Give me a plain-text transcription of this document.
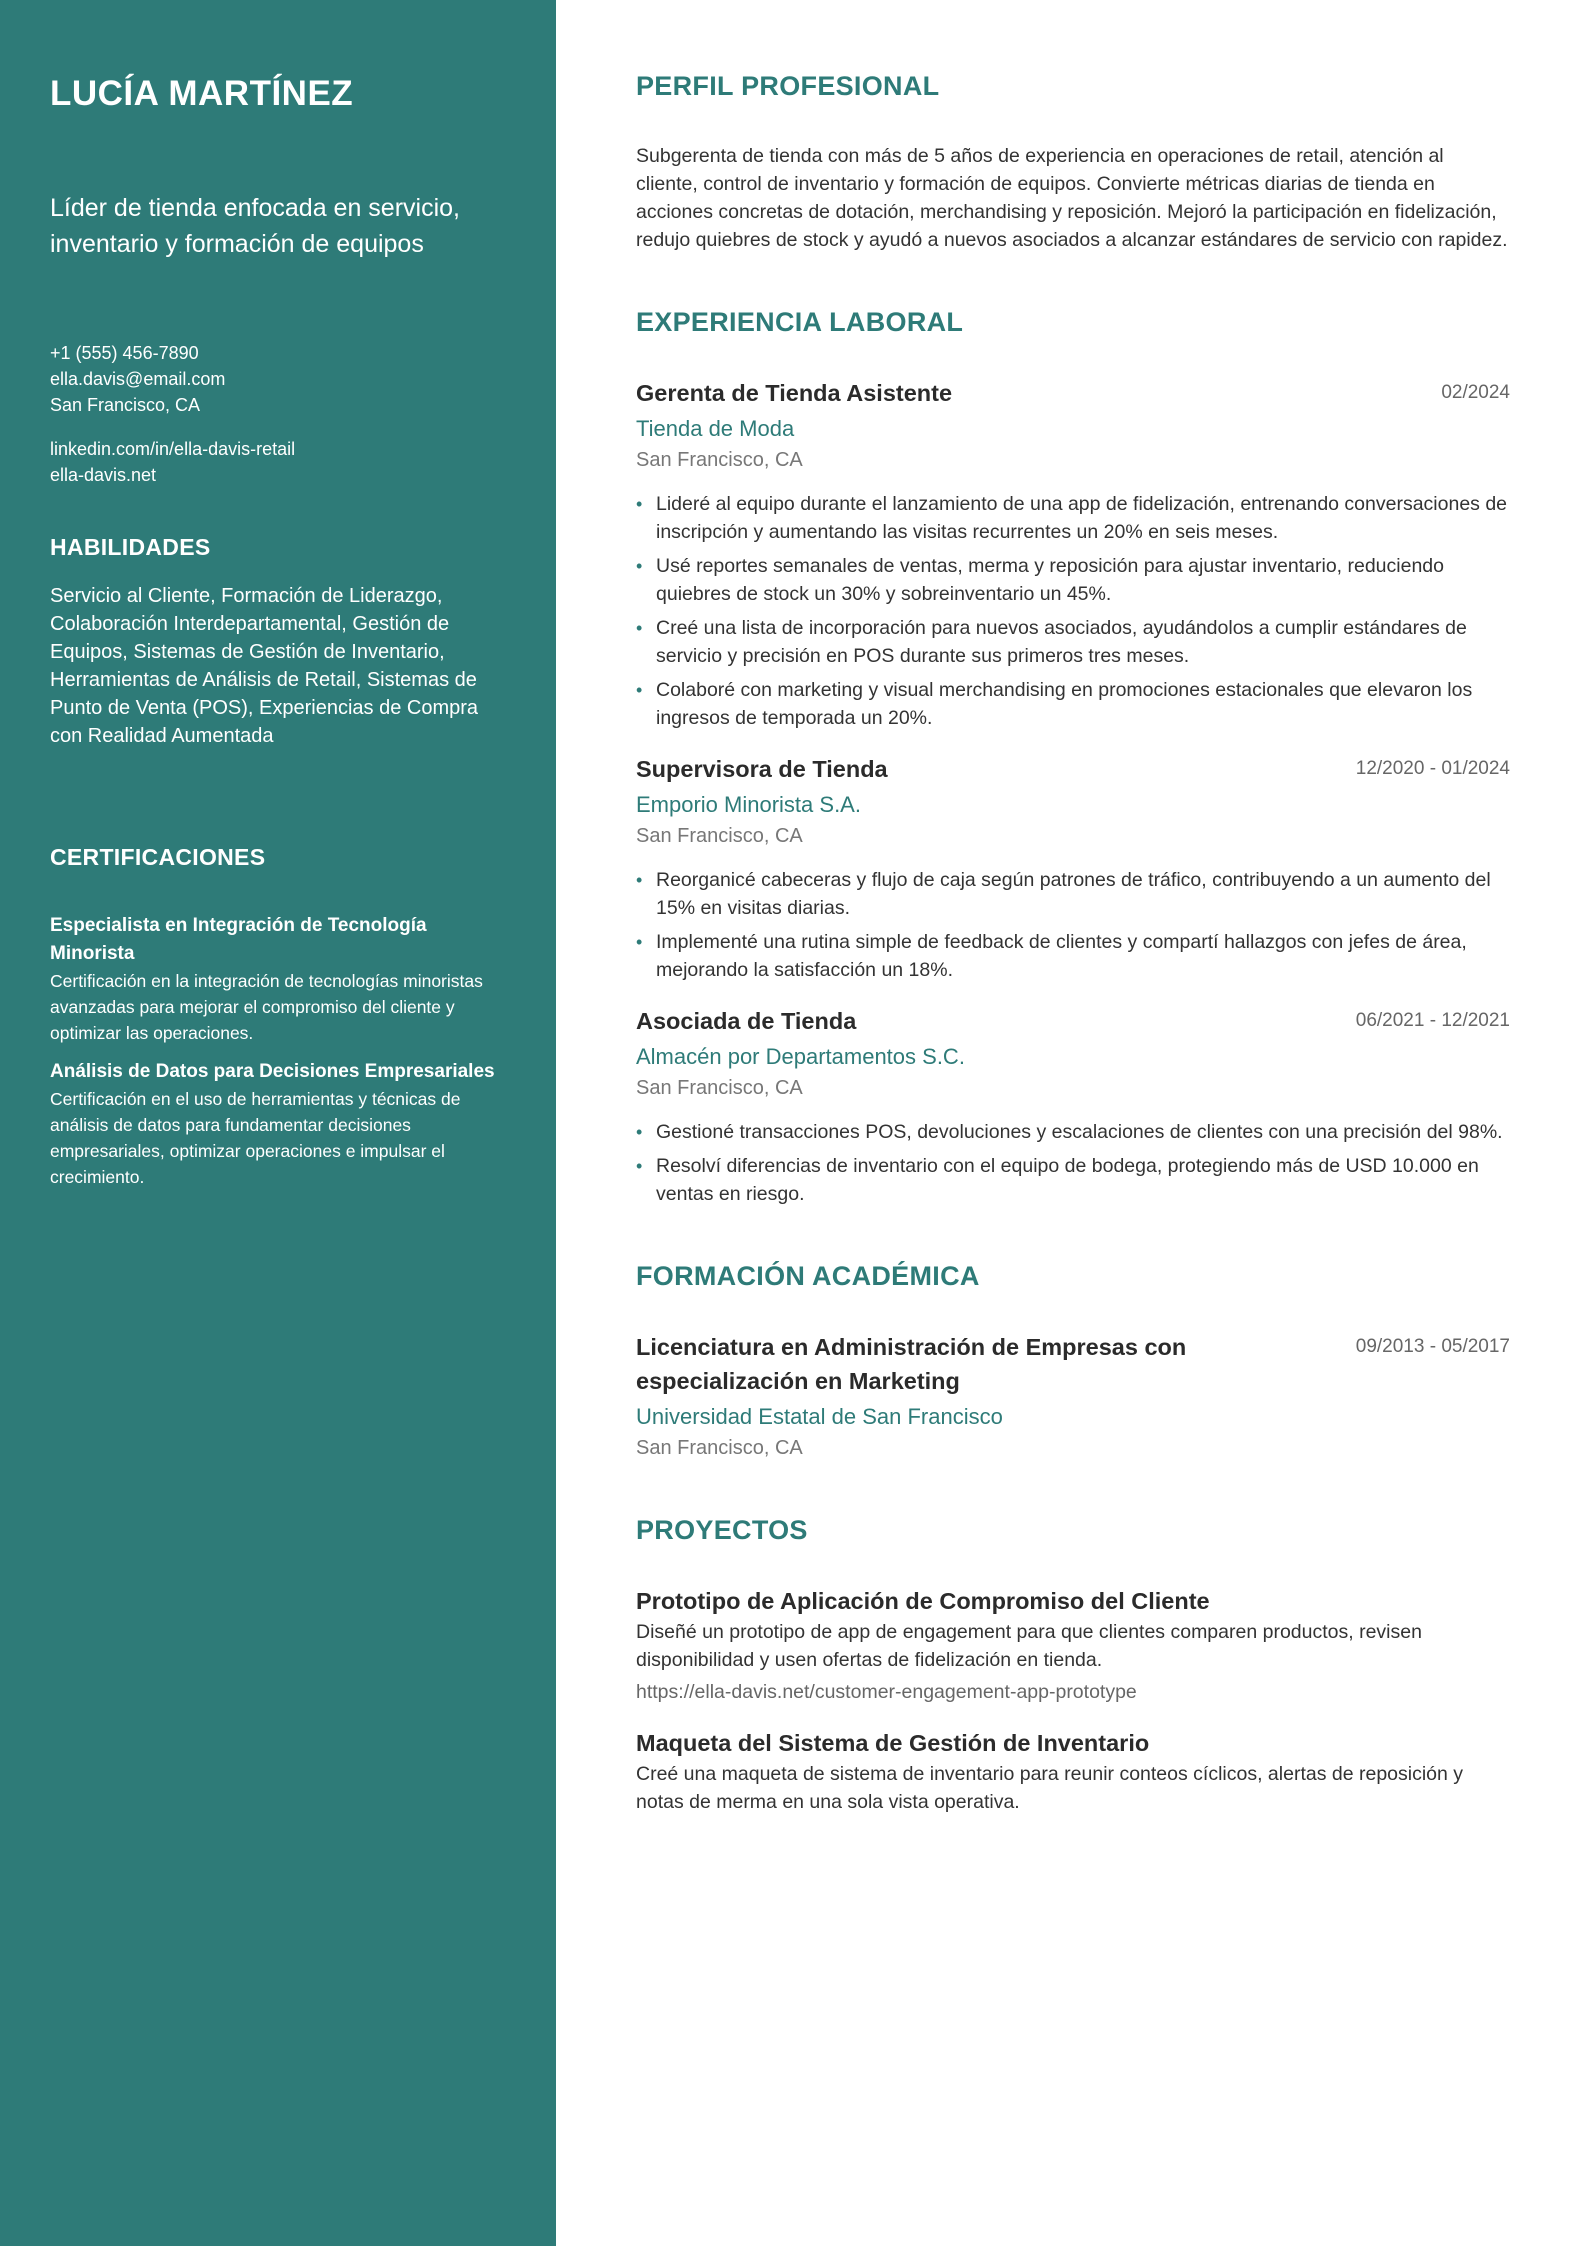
LUCÍA MARTÍNEZ
Líder de tienda enfocada en servicio, inventario y formación de equipos
+1 (555) 456-7890
ella.davis@email.com
San Francisco, CA
linkedin.com/in/ella-davis-retail
ella-davis.net
HABILIDADES

Servicio al Cliente, Formación de Liderazgo, Colaboración Interdepartamental, Gestión de Equipos, Sistemas de Gestión de Inventario, Herramientas de Análisis de Retail, Sistemas de Punto de Venta (POS), Experiencias de Compra con Realidad Aumentada

CERTIFICACIONES
Especialista en Integración de Tecnología Minorista
Certificación en la integración de tecnologías minoristas avanzadas para mejorar el compromiso del cliente y optimizar las operaciones.
Análisis de Datos para Decisiones Empresariales
Certificación en el uso de herramientas y técnicas de análisis de datos para fundamentar decisiones empresariales, optimizar operaciones e impulsar el crecimiento.
PERFIL PROFESIONAL

Subgerenta de tienda con más de 5 años de experiencia en operaciones de retail, atención al cliente, control de inventario y formación de equipos. Convierte métricas diarias de tienda en acciones concretas de dotación, merchandising y reposición. Mejoró la participación en fidelización, redujo quiebres de stock y ayudó a nuevos asociados a alcanzar estándares de servicio con rapidez.

EXPERIENCIA LABORAL
Gerenta de Tienda Asistente	02/2024
Tienda de Moda
San Francisco, CA
• Lideré al equipo durante el lanzamiento de una app de fidelización, entrenando conversaciones de inscripción y aumentando las visitas recurrentes un 20% en seis meses.
• Usé reportes semanales de ventas, merma y reposición para ajustar inventario, reduciendo quiebres de stock un 30% y sobreinventario un 45%.
• Creé una lista de incorporación para nuevos asociados, ayudándolos a cumplir estándares de servicio y precisión en POS durante sus primeros tres meses.
• Colaboré con marketing y visual merchandising en promociones estacionales que elevaron los ingresos de temporada un 20%.
Supervisora de Tienda	12/2020 - 01/2024
Emporio Minorista S.A.
San Francisco, CA
• Reorganicé cabeceras y flujo de caja según patrones de tráfico, contribuyendo a un aumento del 15% en visitas diarias.
• Implementé una rutina simple de feedback de clientes y compartí hallazgos con jefes de área, mejorando la satisfacción un 18%.
Asociada de Tienda	06/2021 - 12/2021
Almacén por Departamentos S.C.
San Francisco, CA
• Gestioné transacciones POS, devoluciones y escalaciones de clientes con una precisión del 98%.
• Resolví diferencias de inventario con el equipo de bodega, protegiendo más de USD 10.000 en ventas en riesgo.
FORMACIÓN ACADÉMICA
Licenciatura en Administración de Empresas con especialización en Marketing
09/2013 - 05/2017
Universidad Estatal de San Francisco
San Francisco, CA
PROYECTOS
Prototipo de Aplicación de Compromiso del Cliente
Diseñé un prototipo de app de engagement para que clientes comparen productos, revisen disponibilidad y usen ofertas de fidelización en tienda.
https://ella-davis.net/customer-engagement-app-prototype
Maqueta del Sistema de Gestión de Inventario
Creé una maqueta de sistema de inventario para reunir conteos cíclicos, alertas de reposición y notas de merma en una sola vista operativa.
